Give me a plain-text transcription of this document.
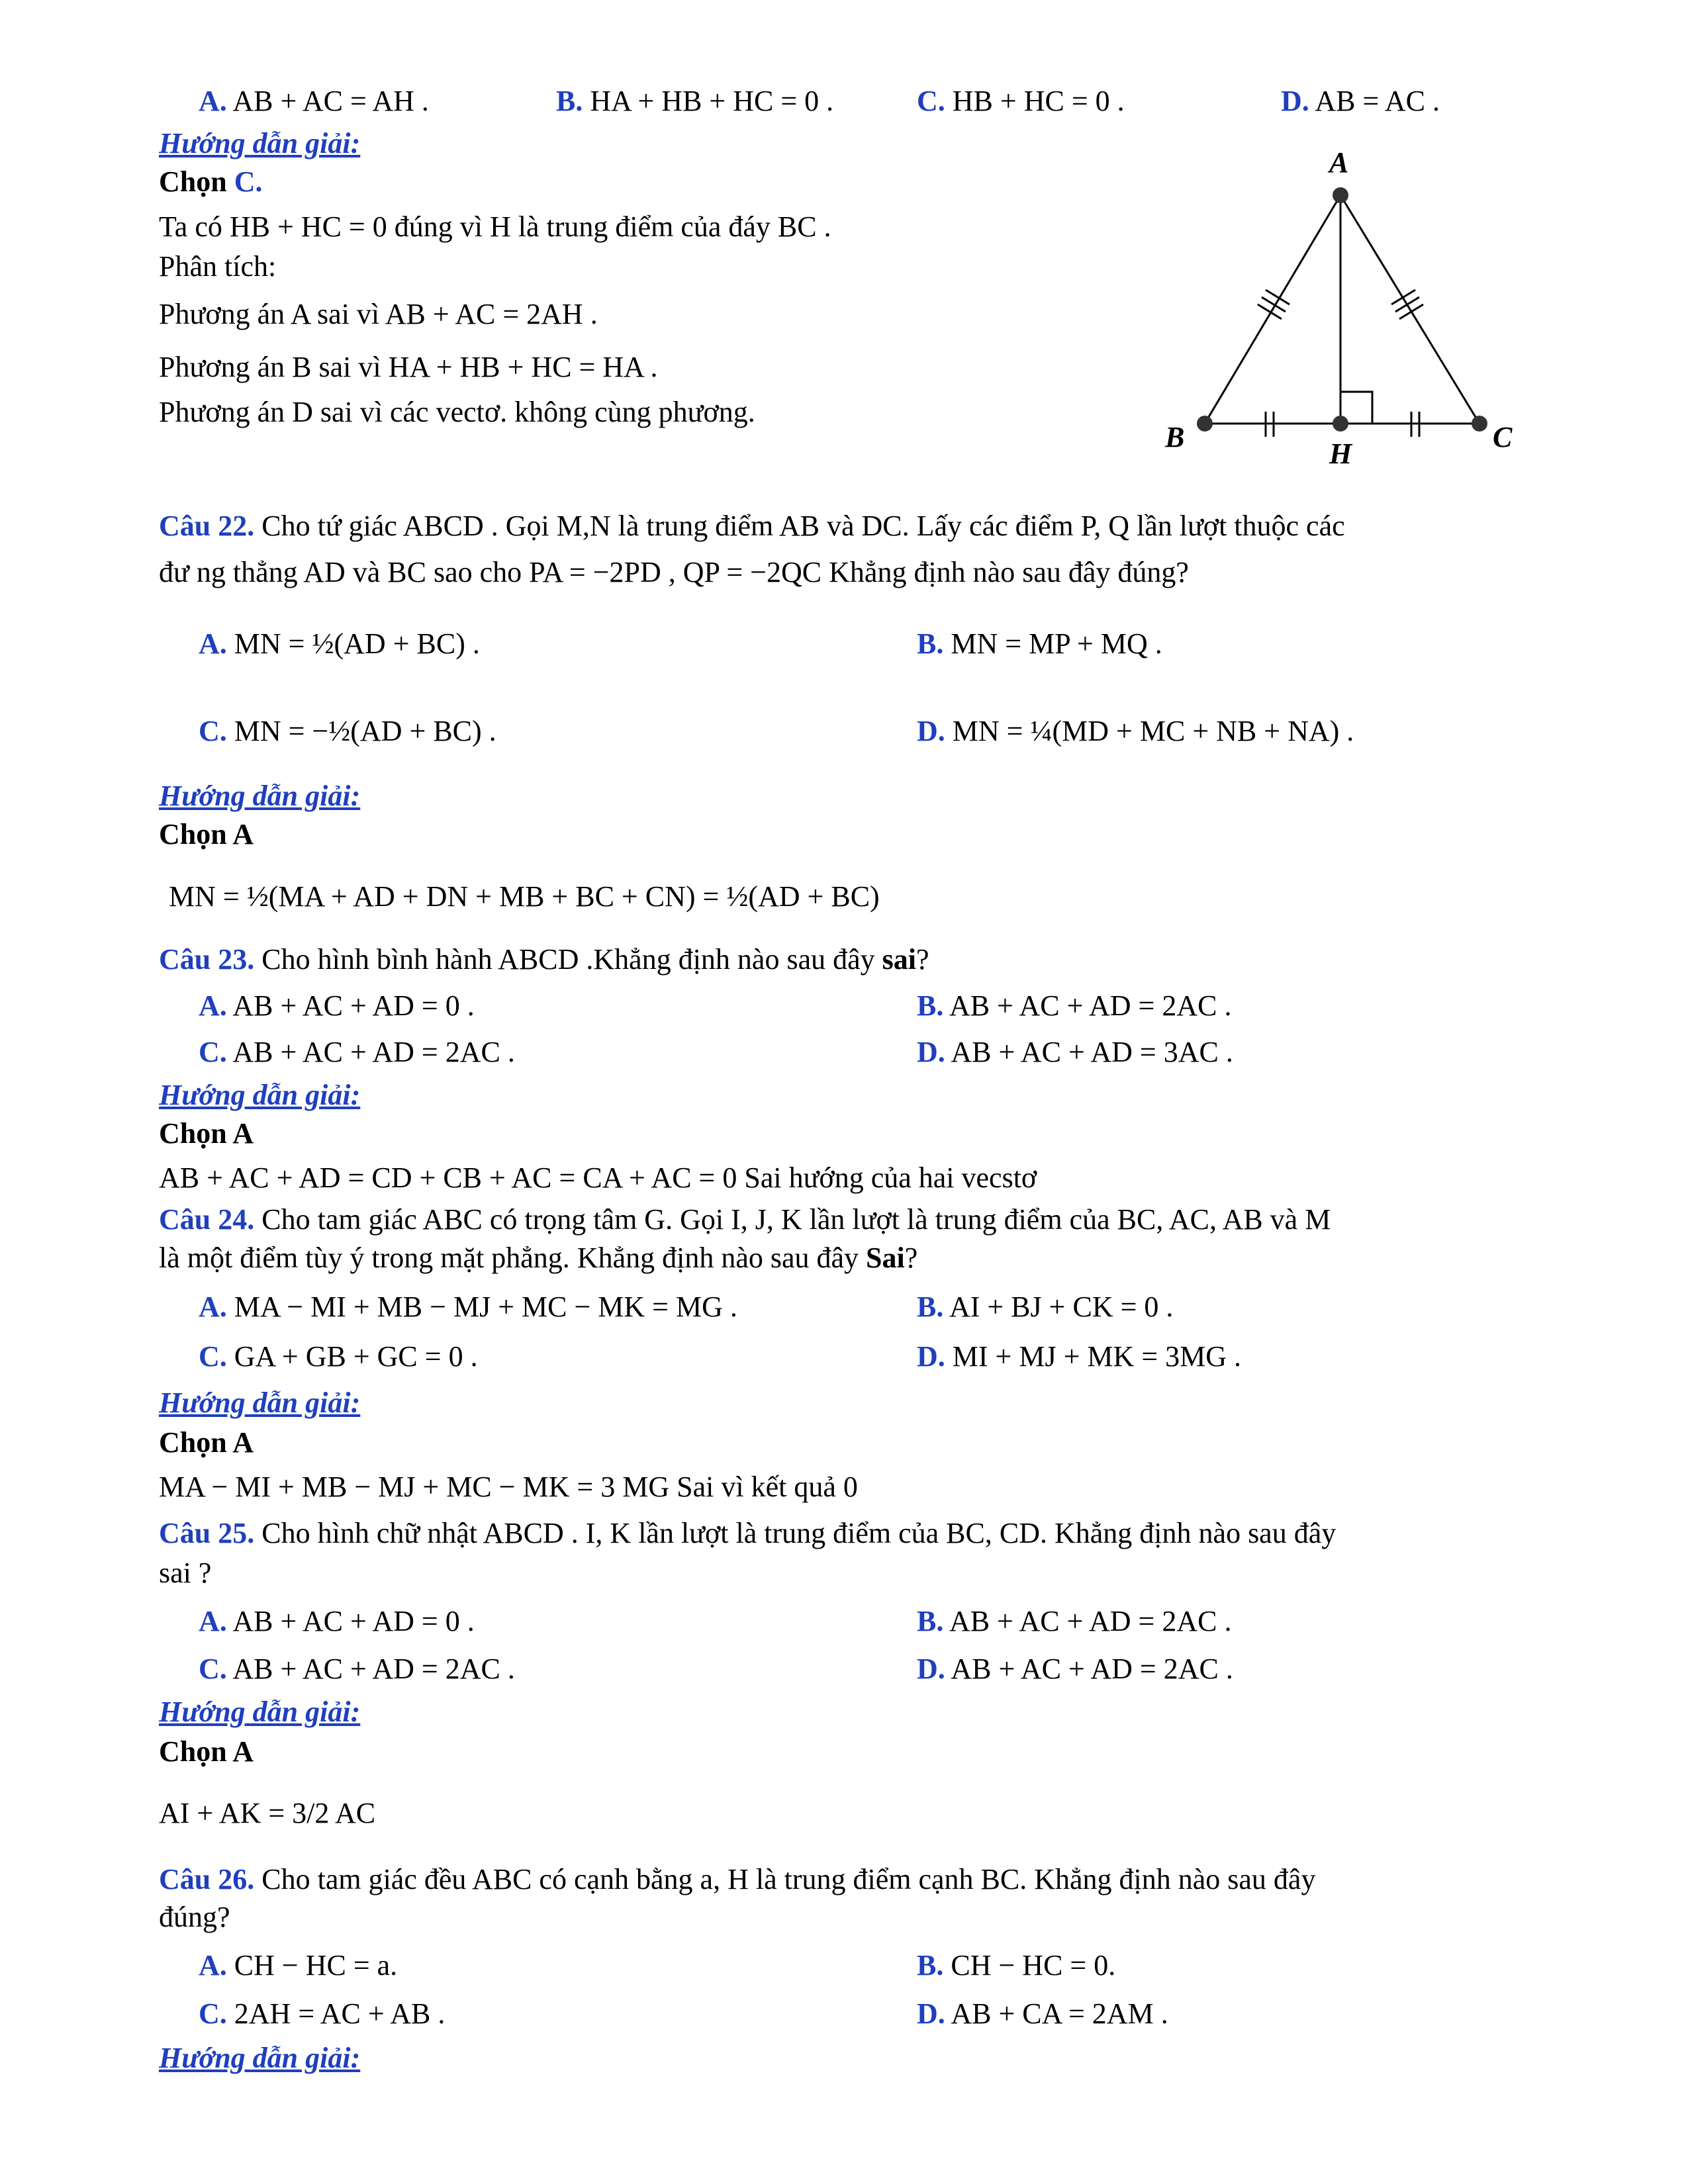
A. AB + AC = AH .	B. HA + HB + HC = 0 .	C. HB + HC = 0 .	D. AB = AC .
Hướng dẫn giải:
Chọn C.
Ta có HB + HC = 0 đúng vì H là trung điểm của đáy BC .
Phân tích:
Phương án A sai vì AB + AC = 2AH .
Phương án B sai vì HA + HB + HC = HA .
Phương án D sai vì các vectơ. không cùng phương.
A
B	C
H
Câu 22. Cho tứ giác ABCD . Gọi M,N là trung điểm AB và DC. Lấy các điểm P, Q lần lượt thuộc các
đư ng thẳng AD và BC sao cho PA = −2PD , QP = −2QC Khẳng định nào sau đây đúng?
A. MN = ½(AD + BC) .	B. MN = MP + MQ .
C. MN = −½(AD + BC) .	D. MN = ¼(MD + MC + NB + NA) .
Hướng dẫn giải:
Chọn A
MN = ½(MA + AD + DN + MB + BC + CN) = ½(AD + BC)
Câu 23. Cho hình bình hành ABCD .Khẳng định nào sau đây sai?
A. AB + AC + AD = 0 .	B. AB + AC + AD = 2AC .
C. AB + AC + AD = 2AC .	D. AB + AC + AD = 3AC .
Hướng dẫn giải:
Chọn A
AB + AC + AD = CD + CB + AC = CA + AC = 0 Sai hướng của hai vecstơ
Câu 24. Cho tam giác ABC có trọng tâm G. Gọi I, J, K lần lượt là trung điểm của BC, AC, AB và M
là một điểm tùy ý trong mặt phẳng. Khẳng định nào sau đây Sai?
A. MA − MI + MB − MJ + MC − MK = MG .	B. AI + BJ + CK = 0 .
C. GA + GB + GC = 0 .	D. MI + MJ + MK = 3MG .
Hướng dẫn giải:
Chọn A
MA − MI + MB − MJ + MC − MK = 3 MG Sai vì kết quả 0
Câu 25. Cho hình chữ nhật ABCD . I, K lần lượt là trung điểm của BC, CD. Khẳng định nào sau đây
sai ?
A. AB + AC + AD = 0 .	B. AB + AC + AD = 2AC .
C. AB + AC + AD = 2AC .	D. AB + AC + AD = 2AC .
Hướng dẫn giải:
Chọn A
AI + AK = 3/2 AC
Câu 26. Cho tam giác đều ABC có cạnh bằng a, H là trung điểm cạnh BC. Khẳng định nào sau đây
đúng?
A. CH − HC = a.	B. CH − HC = 0.
C. 2AH = AC + AB .	D. AB + CA = 2AM .
Hướng dẫn giải:
